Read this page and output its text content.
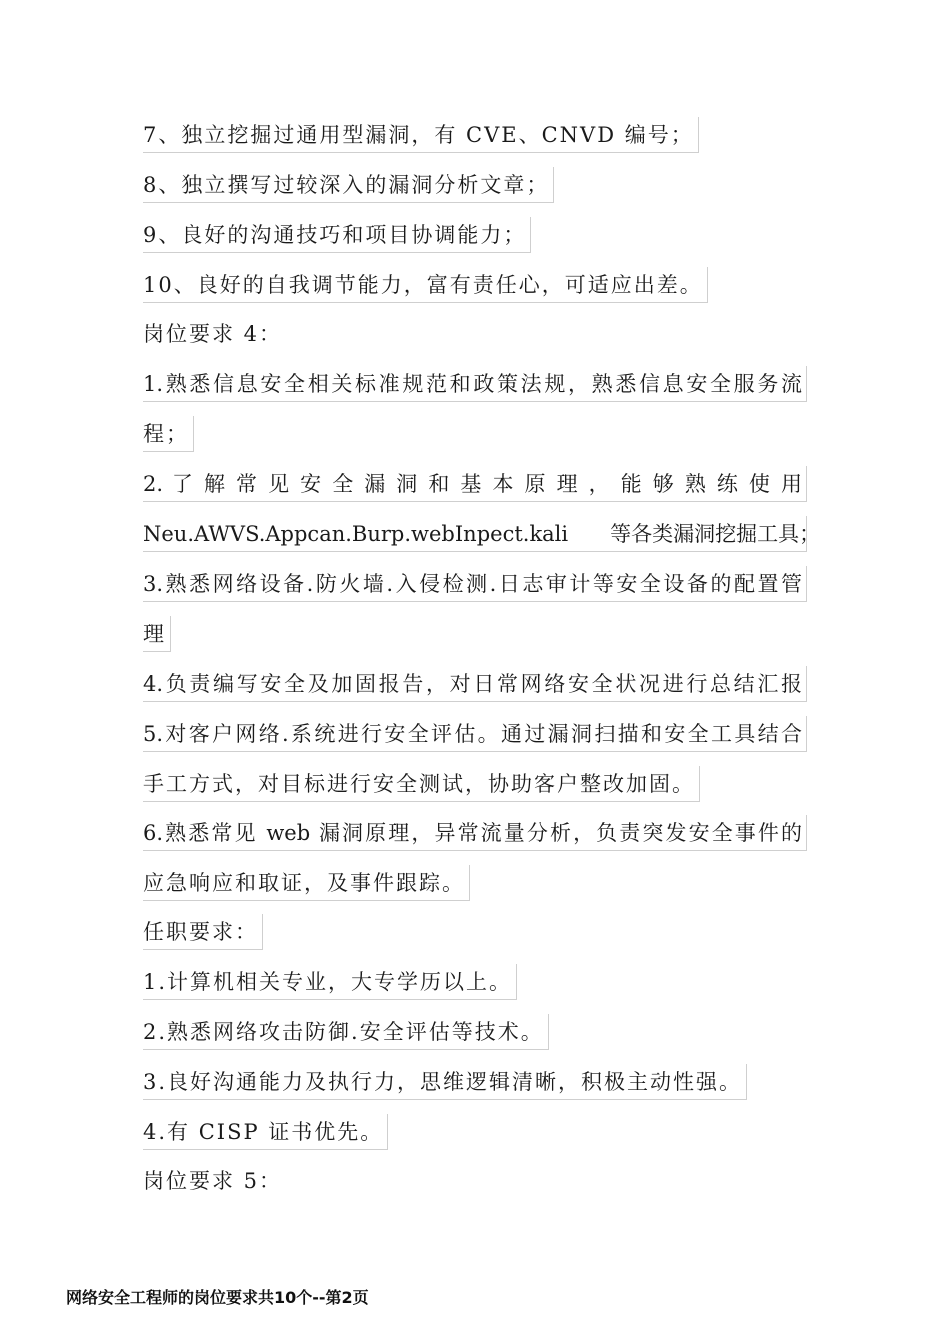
7、独立挖掘过通用型漏洞，有 CVE、CNVD 编号；
8、独立撰写过较深入的漏洞分析文章；
9、良好的沟通技巧和项目协调能力；
10、良好的自我调节能力，富有责任心，可适应出差。
岗位要求 4：
1.熟悉信息安全相关标准规范和政策法规，熟悉信息安全服务流
程；
2. 了 解 常 见 安 全 漏 洞 和 基 本 原 理 ， 能 够 熟 练 使 用
Neu.AWVS.Appcan.Burp.webInpect.kali　　等各类漏洞挖掘工具；
3.熟悉网络设备.防火墙.入侵检测.日志审计等安全设备的配置管
理
4.负责编写安全及加固报告，对日常网络安全状况进行总结汇报
5.对客户网络.系统进行安全评估。通过漏洞扫描和安全工具结合
手工方式，对目标进行安全测试，协助客户整改加固。
6.熟悉常见 web 漏洞原理，异常流量分析，负责突发安全事件的
应急响应和取证，及事件跟踪。
任职要求：
1.计算机相关专业，大专学历以上。
2.熟悉网络攻击防御.安全评估等技术。
3.良好沟通能力及执行力，思维逻辑清晰，积极主动性强。
4.有 CISP 证书优先。
岗位要求 5：
网络安全工程师的岗位要求共10个--第2页
